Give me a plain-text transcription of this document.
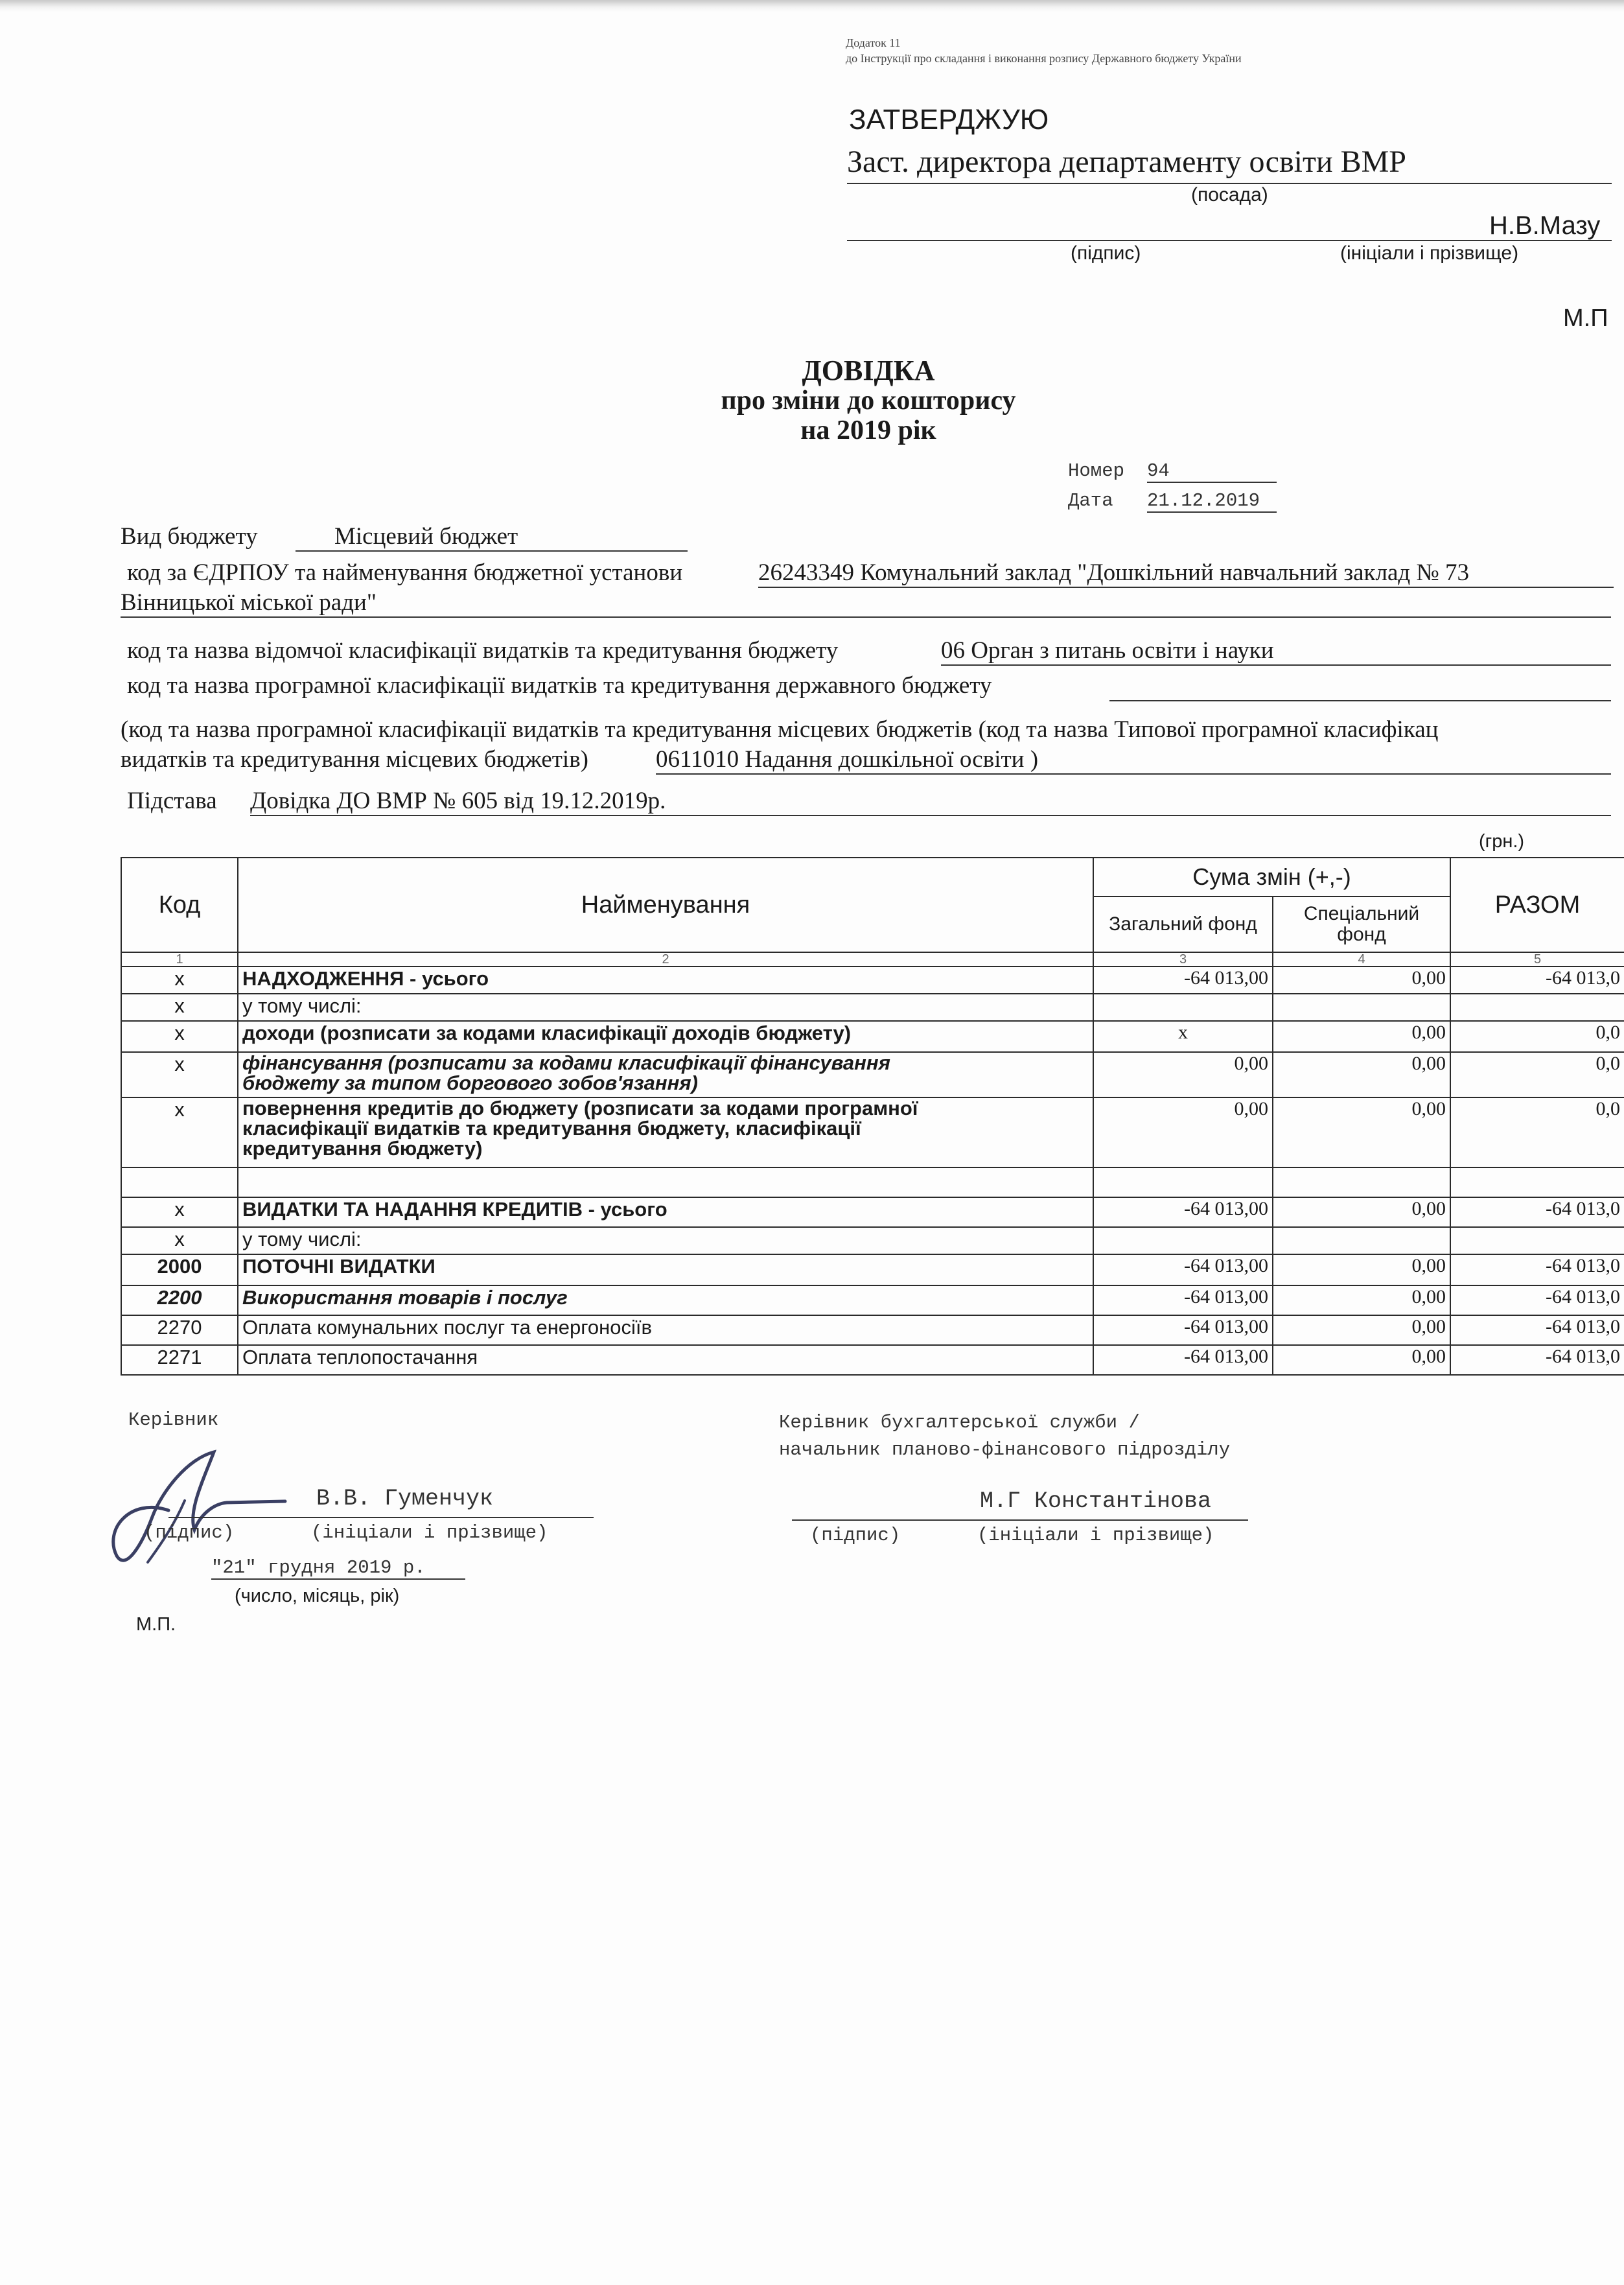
Додаток 11
до Інструкції про складання і виконання розпису Державного бюджету України
ЗАТВЕРДЖУЮ
Заст. директора департаменту освіти ВМР
(посада)
Н.В.Мазу
(підпис)	(ініціали і прізвище)
М.П
ДОВІДКА
про зміни до кошторису
на 2019 рік
Номер 94
Дата 21.12.2019
Вид бюджету	Місцевий бюджет
код за ЄДРПОУ та найменування бюджетної установи	26243349 Комунальний заклад "Дошкільний навчальний заклад № 73
Вінницької міської ради"
код та назва відомчої класифікації видатків та кредитування бюджету	06 Орган з питань освіти і науки
код та назва програмної класифікації видатків та кредитування державного бюджету
(код та назва програмної класифікації видатків та кредитування місцевих бюджетів (код та назва Типової програмної класифікац
видатків та кредитування місцевих бюджетів)	0611010 Надання дошкільної освіти )
Підстава Довідка ДО ВМР № 605 від 19.12.2019р.
(грн.)
Код	Найменування	Сума змін (+,-)		РАЗОМ
		Загальний фонд	Спеціальний фонд	
1	2	3	4	5
x	НАДХОДЖЕННЯ - усього	-64 013,00	0,00	-64 013,0
x	у тому числі:			
x	доходи (розписати за кодами класифікації доходів бюджету)	x	0,00	0,0
x	фінансування (розписати за кодами класифікації фінансування бюджету за типом боргового зобов'язання)	0,00	0,00	0,0
x	повернення кредитів до бюджету (розписати за кодами програмної класифікації видатків та кредитування бюджету, класифікації кредитування бюджету)	0,00	0,00	0,0

x	ВИДАТКИ ТА НАДАННЯ КРЕДИТІВ - усього	-64 013,00	0,00	-64 013,0
x	у тому числі:			
2000	ПОТОЧНІ ВИДАТКИ	-64 013,00	0,00	-64 013,0
2200	Використання товарів і послуг	-64 013,00	0,00	-64 013,0
2270	Оплата комунальних послуг та енергоносіїв	-64 013,00	0,00	-64 013,0
2271	Оплата теплопостачання	-64 013,00	0,00	-64 013,0
Керівник
В.В. Гуменчук
(підпис)	(ініціали і прізвище)
"21" грудня 2019 р.
(число, місяць, рік)
М.П.
Керівник бухгалтерської служби /
начальник планово-фінансового підрозділу
М.Г Константінова
(підпис)	(ініціали і прізвище)
